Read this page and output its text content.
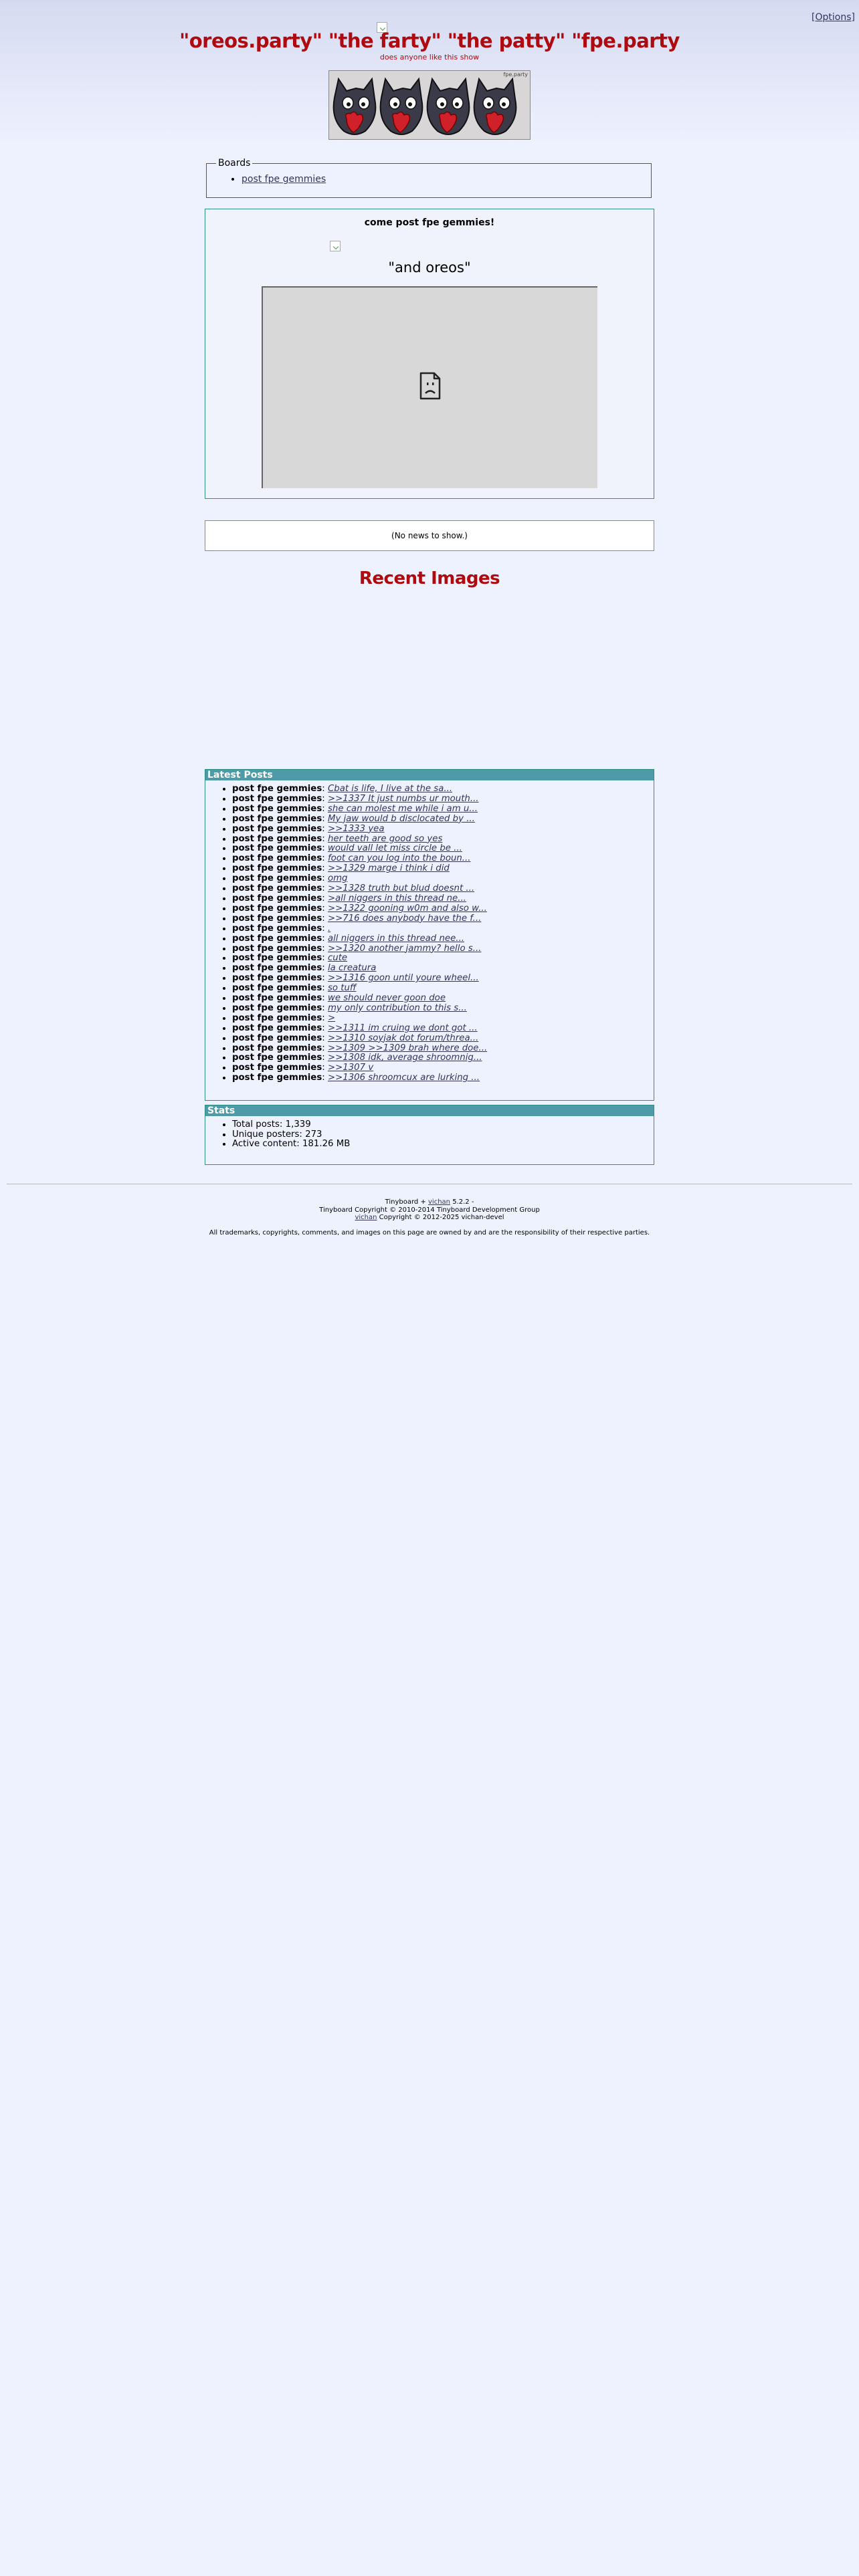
[Options]
"oreos.party" "the farty" "the patty" "fpe.party
does anyone like this show
fpe.party
Boards
• post fpe gemmies
come post fpe gemmies!
"and oreos"
(No news to show.)
Recent Images
Latest Posts
• post fpe gemmies: Cbat is life, I live at the sa...
• post fpe gemmies: >>1337 It just numbs ur mouth...
• post fpe gemmies: she can molest me while i am u...
• post fpe gemmies: My jaw would b disclocated by ...
• post fpe gemmies: >>1333 yea
• post fpe gemmies: her teeth are good so yes
• post fpe gemmies: would vall let miss circle be ...
• post fpe gemmies: foot can you log into the boun...
• post fpe gemmies: >>1329 marge i think i did
• post fpe gemmies: omg
• post fpe gemmies: >>1328 truth but blud doesnt ...
• post fpe gemmies: >all niggers in this thread ne...
• post fpe gemmies: >>1322 gooning w0m and also w...
• post fpe gemmies: >>716 does anybody have the f...
• post fpe gemmies: .
• post fpe gemmies: all niggers in this thread nee...
• post fpe gemmies: >>1320 another jammy? hello s...
• post fpe gemmies: cute
• post fpe gemmies: la creatura
• post fpe gemmies: >>1316 goon until youre wheel...
• post fpe gemmies: so tuff
• post fpe gemmies: we should never goon doe
• post fpe gemmies: my only contribution to this s...
• post fpe gemmies: >
• post fpe gemmies: >>1311 im cruing we dont got ...
• post fpe gemmies: >>1310 soyjak dot forum/threa...
• post fpe gemmies: >>1309 >>1309 brah where doe...
• post fpe gemmies: >>1308 idk, average shroomnig...
• post fpe gemmies: >>1307 v
• post fpe gemmies: >>1306 shroomcux are lurking ...
Stats
• Total posts: 1,339
• Unique posters: 273
• Active content: 181.26 MB
Tinyboard + vichan 5.2.2 -
Tinyboard Copyright © 2010-2014 Tinyboard Development Group
vichan Copyright © 2012-2025 vichan-devel
All trademarks, copyrights, comments, and images on this page are owned by and are the responsibility of their respective parties.
